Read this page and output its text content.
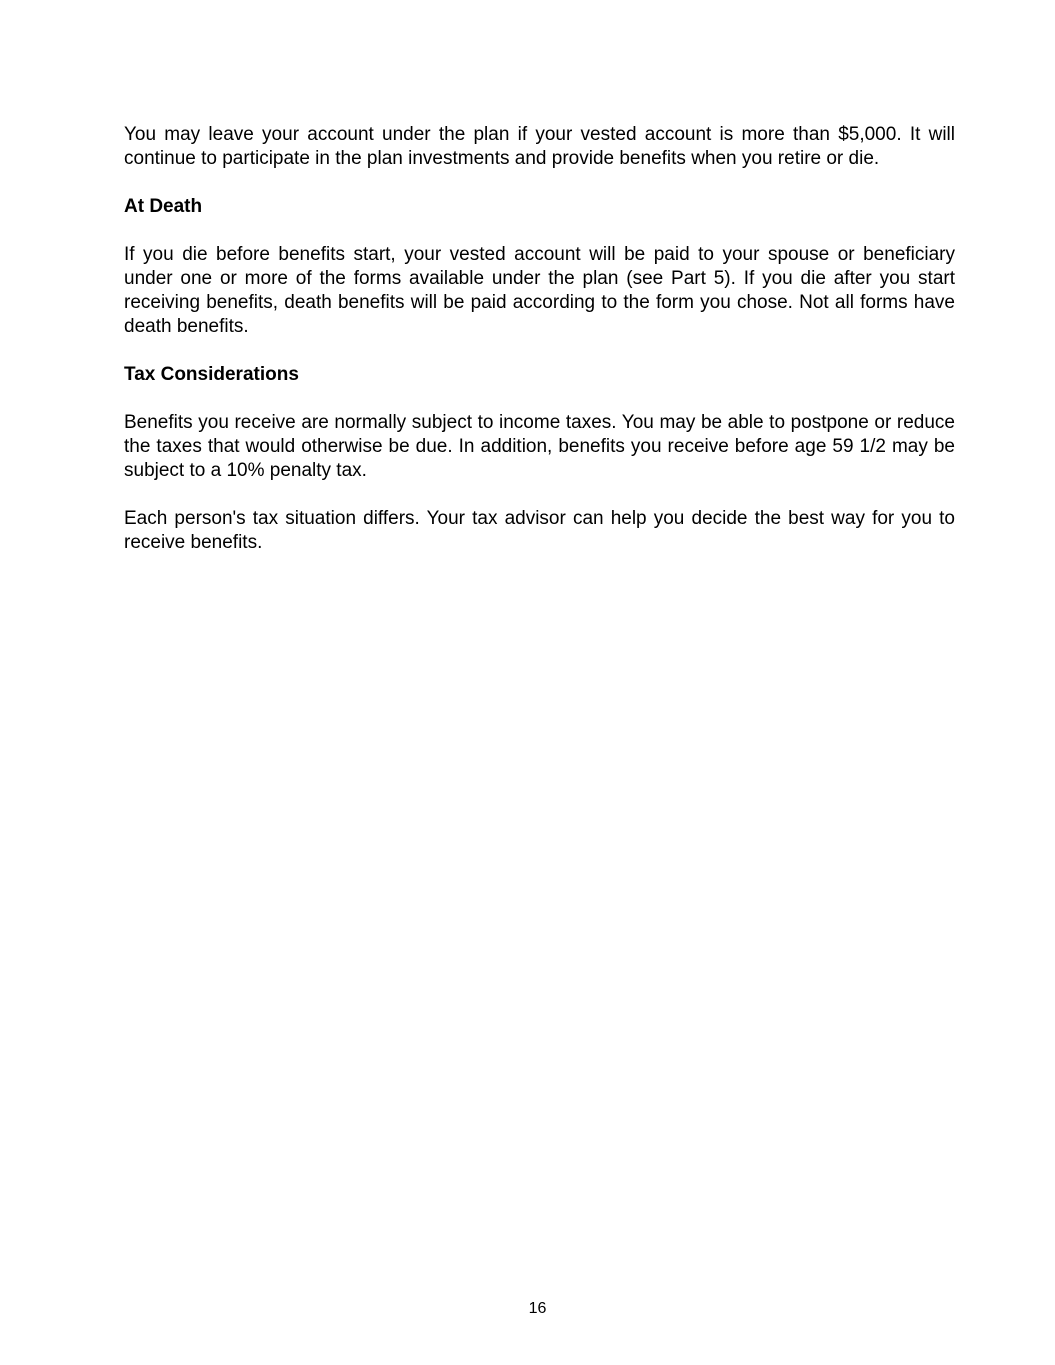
You may leave your account under the plan if your vested account is more than $5,000. It will continue to participate in the plan investments and provide benefits when you retire or die.

At Death

If you die before benefits start, your vested account will be paid to your spouse or beneficiary under one or more of the forms available under the plan (see Part 5). If you die after you start receiving benefits, death benefits will be paid according to the form you chose. Not all forms have death benefits.

Tax Considerations

Benefits you receive are normally subject to income taxes. You may be able to postpone or reduce the taxes that would otherwise be due. In addition, benefits you receive before age 59 1/2 may be subject to a 10% penalty tax.

Each person's tax situation differs. Your tax advisor can help you decide the best way for you to receive benefits.

16
